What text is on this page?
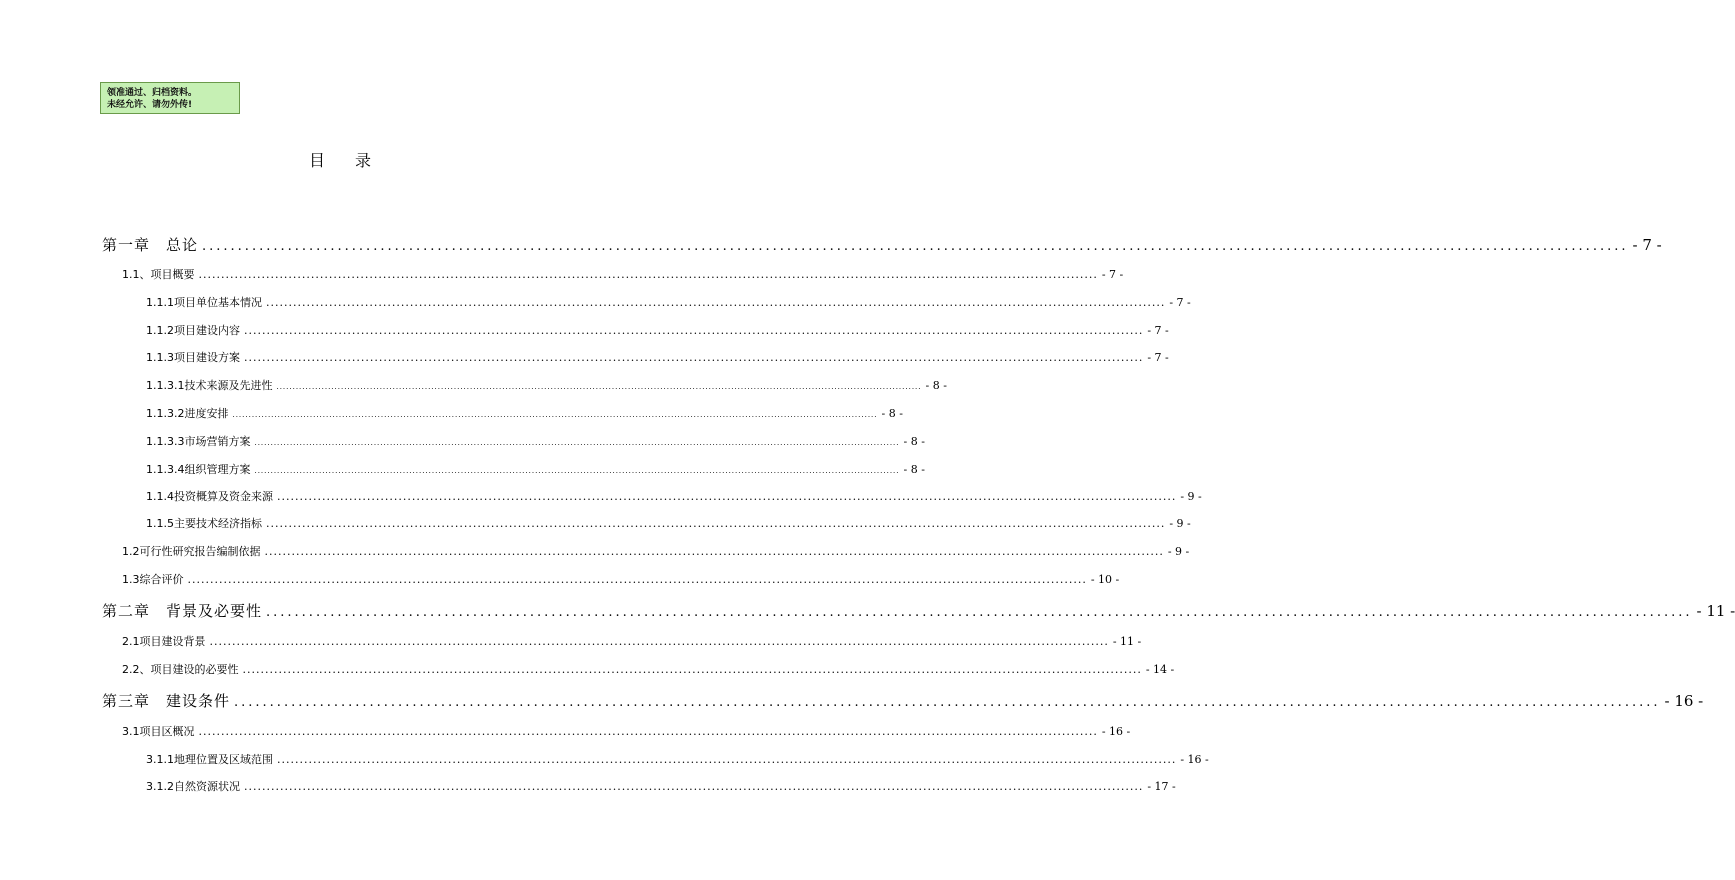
领准通过、归档资料。
未经允许、请勿外传!
目录
第一章　总论 ........................................................................................................................................................................................................ - 7 -
1.1、项目概要 ........................................................................................................................................................................................................ - 7 -
1.1.1项目单位基本情况 ........................................................................................................................................................................................................ - 7 -
1.1.2项目建设内容 ........................................................................................................................................................................................................ - 7 -
1.1.3项目建设方案 ........................................................................................................................................................................................................ - 7 -
1.1.3.1技术来源及先进性 ........................................................................................................................................................................................................ - 8 -
1.1.3.2进度安排 ........................................................................................................................................................................................................ - 8 -
1.1.3.3市场营销方案 ........................................................................................................................................................................................................ - 8 -
1.1.3.4组织管理方案 ........................................................................................................................................................................................................ - 8 -
1.1.4投资概算及资金来源 ........................................................................................................................................................................................................ - 9 -
1.1.5主要技术经济指标 ........................................................................................................................................................................................................ - 9 -
1.2可行性研究报告编制依据 ........................................................................................................................................................................................................ - 9 -
1.3综合评价 ........................................................................................................................................................................................................ - 10 -
第二章　背景及必要性 ........................................................................................................................................................................................................ - 11 -
2.1项目建设背景 ........................................................................................................................................................................................................ - 11 -
2.2、项目建设的必要性 ........................................................................................................................................................................................................ - 14 -
第三章　建设条件 ........................................................................................................................................................................................................ - 16 -
3.1项目区概况 ........................................................................................................................................................................................................ - 16 -
3.1.1地理位置及区域范围 ........................................................................................................................................................................................................ - 16 -
3.1.2自然资源状况 ........................................................................................................................................................................................................ - 17 -
